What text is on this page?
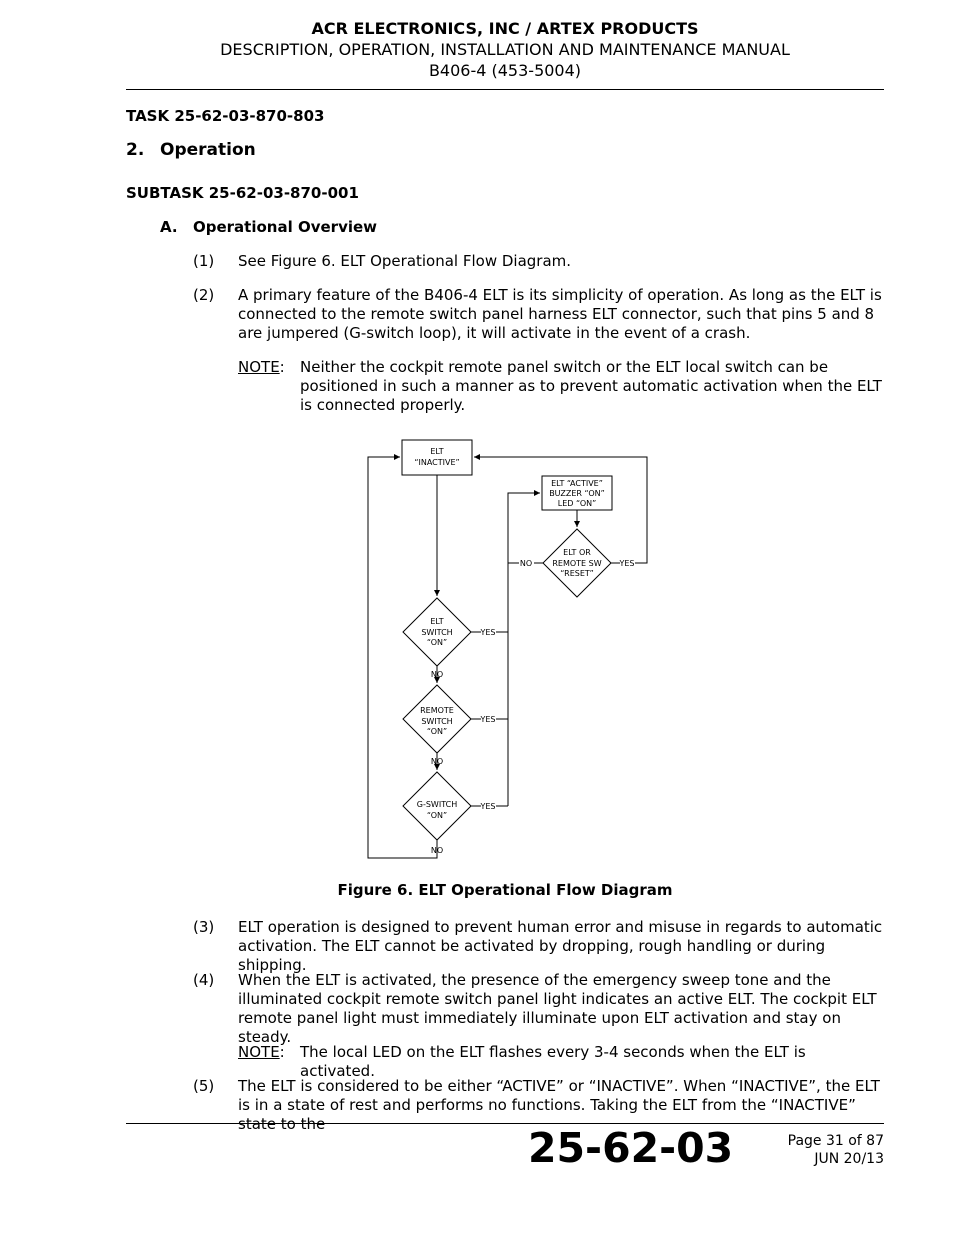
ACR ELECTRONICS, INC / ARTEX PRODUCTS
DESCRIPTION, OPERATION, INSTALLATION AND MAINTENANCE MANUAL
B406-4 (453-5004)
TASK 25-62-03-870-803
2. Operation
SUBTASK 25-62-03-870-001
A. Operational Overview
(1) See Figure 6. ELT Operational Flow Diagram.
(2) A primary feature of the B406-4 ELT is its simplicity of operation. As long as the ELT is connected to the remote switch panel harness ELT connector, such that pins 5 and 8 are jumpered (G-switch loop), it will activate in the event of a crash.
NOTE: Neither the cockpit remote panel switch or the ELT local switch can be positioned in such a manner as to prevent automatic activation when the ELT is connected properly.
ELT
“INACTIVE”
ELT “ACTIVE”
BUZZER “ON”
LED “ON”
ELT OR
REMOTE SW
“RESET”
ELT
SWITCH
“ON”
REMOTE
SWITCH
“ON”
G-SWITCH
“ON”
YES
YES
YES
YES
NO
NO
NO
NO
Figure 6. ELT Operational Flow Diagram
(3) ELT operation is designed to prevent human error and misuse in regards to automatic activation. The ELT cannot be activated by dropping, rough handling or during shipping.
(4) When the ELT is activated, the presence of the emergency sweep tone and the illuminated cockpit remote switch panel light indicates an active ELT. The cockpit ELT remote panel light must immediately illuminate upon ELT activation and stay on steady.
NOTE: The local LED on the ELT flashes every 3-4 seconds when the ELT is activated.
(5) The ELT is considered to be either “ACTIVE” or “INACTIVE”. When “INACTIVE”, the ELT is in a state of rest and performs no functions. Taking the ELT from the “INACTIVE” state to the	25-62-03	Page 31 of 87
JUN 20/13
